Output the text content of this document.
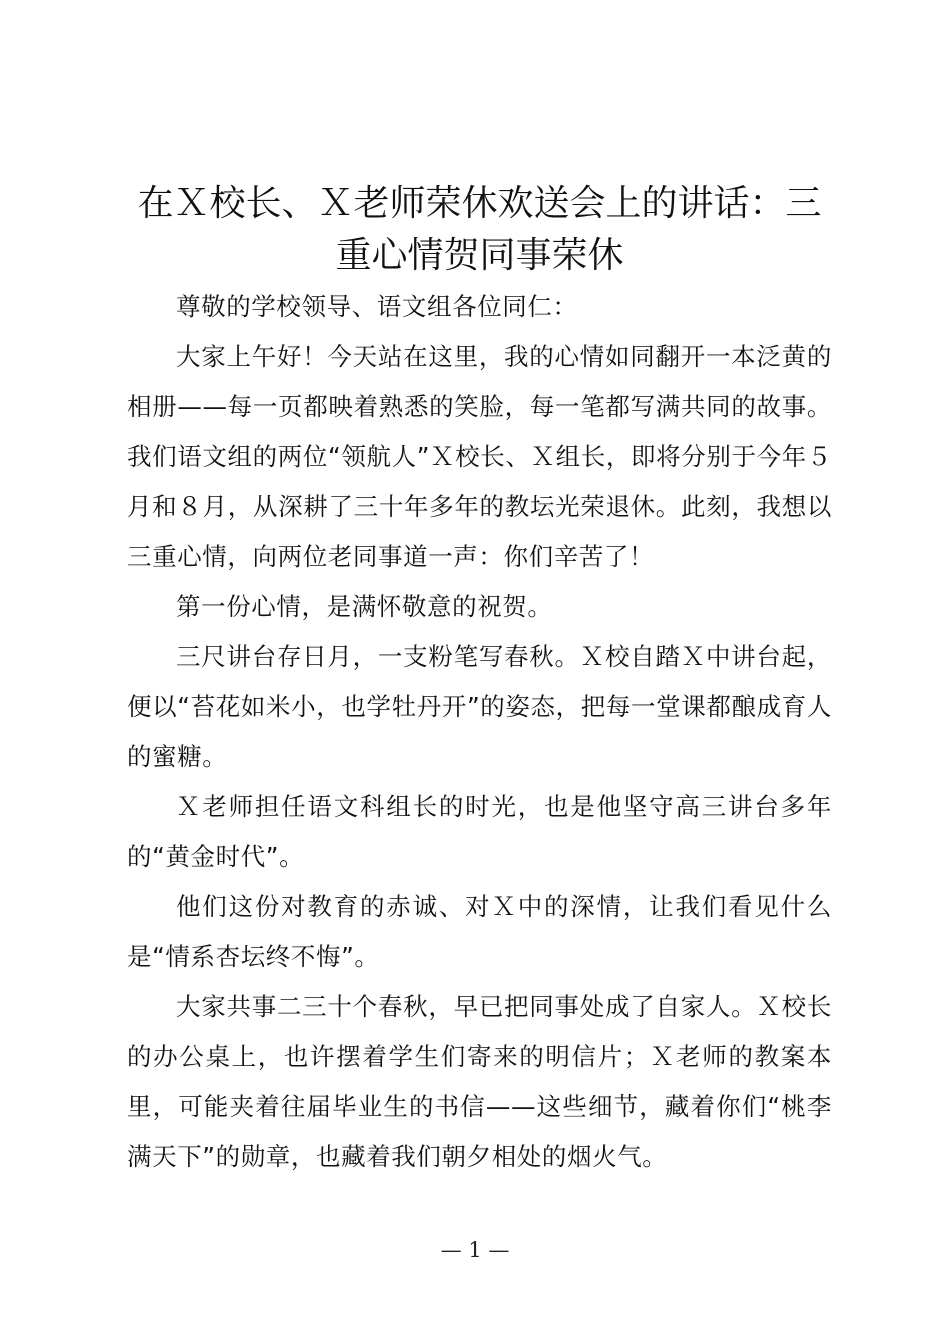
在Ｘ校长、Ｘ老师荣休欢送会上的讲话：三重心情贺同事荣休

尊敬的学校领导、语文组各位同仁：

大家上午好！今天站在这里，我的心情如同翻开一本泛黄的相册——每一页都映着熟悉的笑脸，每一笔都写满共同的故事。我们语文组的两位“领航人”Ｘ校长、Ｘ组长，即将分别于今年５月和８月，从深耕了三十年多年的教坛光荣退休。此刻，我想以三重心情，向两位老同事道一声：你们辛苦了！

第一份心情，是满怀敬意的祝贺。

三尺讲台存日月，一支粉笔写春秋。Ｘ校自踏Ｘ中讲台起，便以“苔花如米小，也学牡丹开”的姿态，把每一堂课都酿成育人的蜜糖。

Ｘ老师担任语文科组长的时光，也是他坚守高三讲台多年的“黄金时代”。

他们这份对教育的赤诚、对Ｘ中的深情，让我们看见什么是“情系杏坛终不悔”。

大家共事二三十个春秋，早已把同事处成了自家人。Ｘ校长的办公桌上，也许摆着学生们寄来的明信片；Ｘ老师的教案本里，可能夹着往届毕业生的书信——这些细节，藏着你们“桃李满天下”的勋章，也藏着我们朝夕相处的烟火气。

— 1 —
